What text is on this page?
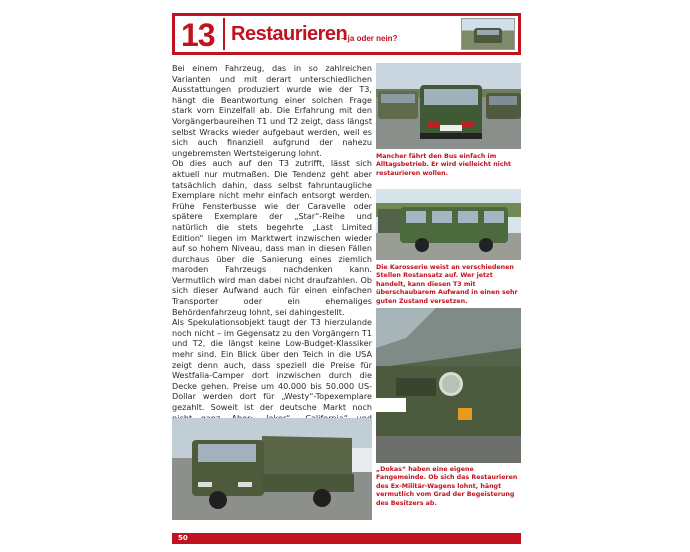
13 Restaurieren
– ja oder nein?

Bei einem Fahrzeug, das in so zahlreichen Varianten und mit derart unterschiedlichen Ausstattungen produziert wurde wie der T3, hängt die Beantwortung einer solchen Frage stark vom Einzelfall ab. Die Erfahrung mit den Vorgängerbaureihen T1 und T2 zeigt, dass längst selbst Wracks wieder aufgebaut werden, weil es sich auch finanziell aufgrund der nahezu ungebremsten Wertsteigerung lohnt.

Ob dies auch auf den T3 zutrifft, lässt sich aktuell nur mutmaßen. Die Tendenz geht aber tatsächlich dahin, dass selbst fahruntaugliche Exemplare nicht mehr einfach entsorgt werden. Frühe Fensterbusse wie der Caravelle oder spätere Exemplare der „Star“-Reihe und natürlich die stets begehrte „Last Limited Edition“ liegen im Marktwert inzwischen wieder auf so hohem Niveau, dass man in diesen Fällen durchaus über die Sanierung eines ziemlich maroden Fahrzeugs nachdenken kann. Vermutlich wird man dabei nicht draufzahlen. Ob sich dieser Aufwand auch für einen einfachen Transporter oder ein ehemaliges Behördenfahrzeug lohnt, sei dahingestellt.

Als Spekulationsobjekt taugt der T3 hierzulande noch nicht – im Gegensatz zu den Vorgängern T1 und T2, die längst keine Low-Budget-Klassiker mehr sind. Ein Blick über den Teich in die USA zeigt denn auch, dass speziell die Preise für Westfalia-Camper dort inzwischen durch die Decke gehen. Preise um 40.000 bis 50.000 US-Dollar werden dort für „Westy“-Topexemplare gezahlt. Soweit ist der deutsche Markt noch

Mancher fährt den Bus einfach im Alltagsbetrieb. Er wird vielleicht nicht restaurieren wollen.
Die Karosserie weist an verschiedenen Stellen Rostansatz auf. Wer jetzt handelt, kann diesen T3 mit überschaubarem Aufwand in einen sehr guten Zustand versetzen.
„Dokas“ haben eine eigene Fangemeinde. Ob sich das Restaurieren des Ex-Militär-Wagens lohnt, hängt vermutlich vom Grad der Begeisterung des Besitzers ab.
50
